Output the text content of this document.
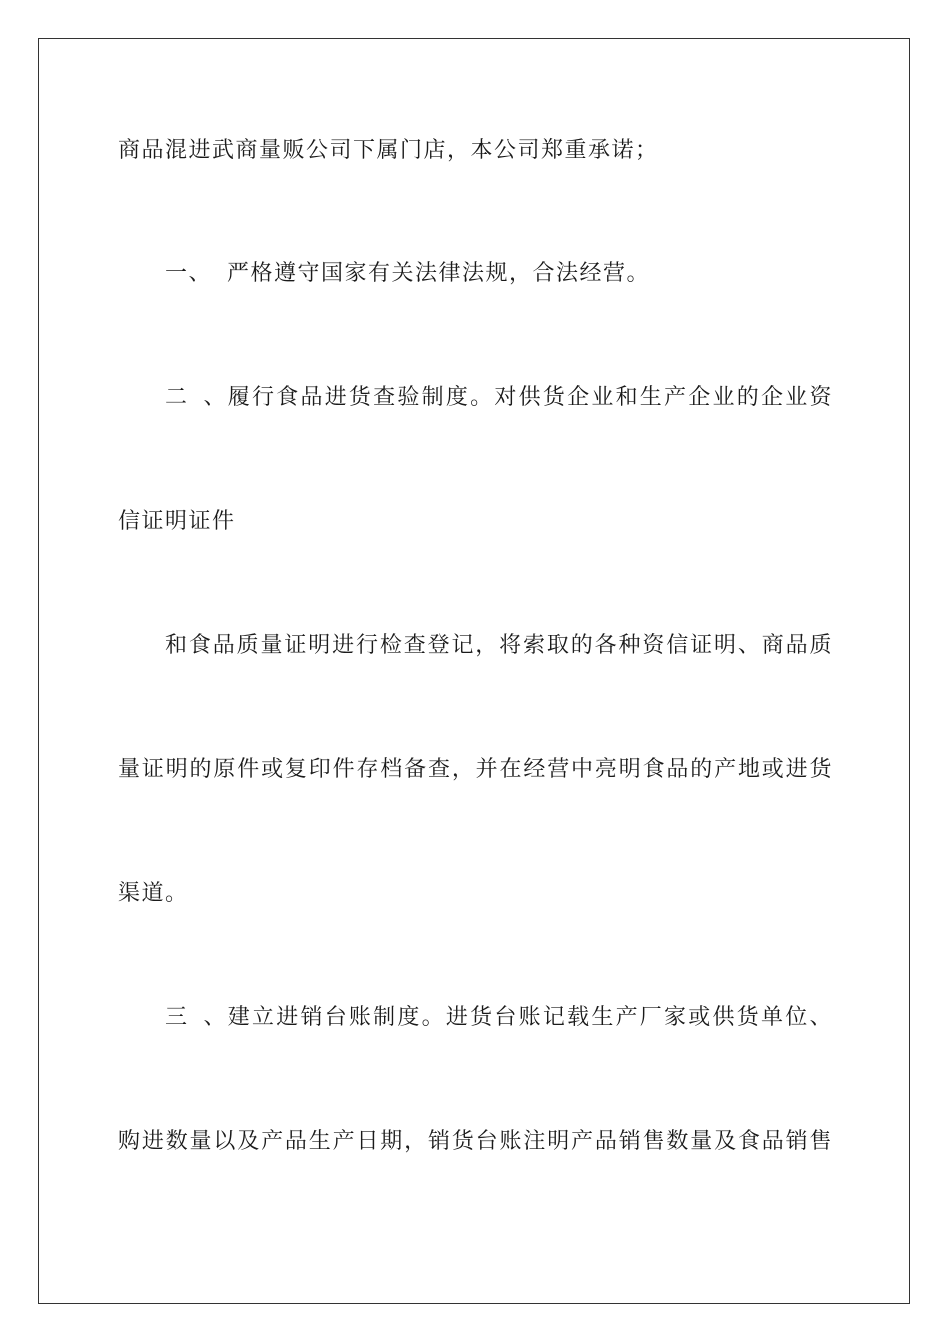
商品混进武商量贩公司下属门店，本公司郑重承诺；
一、 严格遵守国家有关法律法规，合法经营。
二、履行食品进货查验制度。对供货企业和生产企业的企业资
信证明证件
和食品质量证明进行检查登记，将索取的各种资信证明、商品质
量证明的原件或复印件存档备查，并在经营中亮明食品的产地或进货
渠道。
三、建立进销台账制度。进货台账记载生产厂家或供货单位、
购进数量以及产品生产日期，销货台账注明产品销售数量及食品销售
